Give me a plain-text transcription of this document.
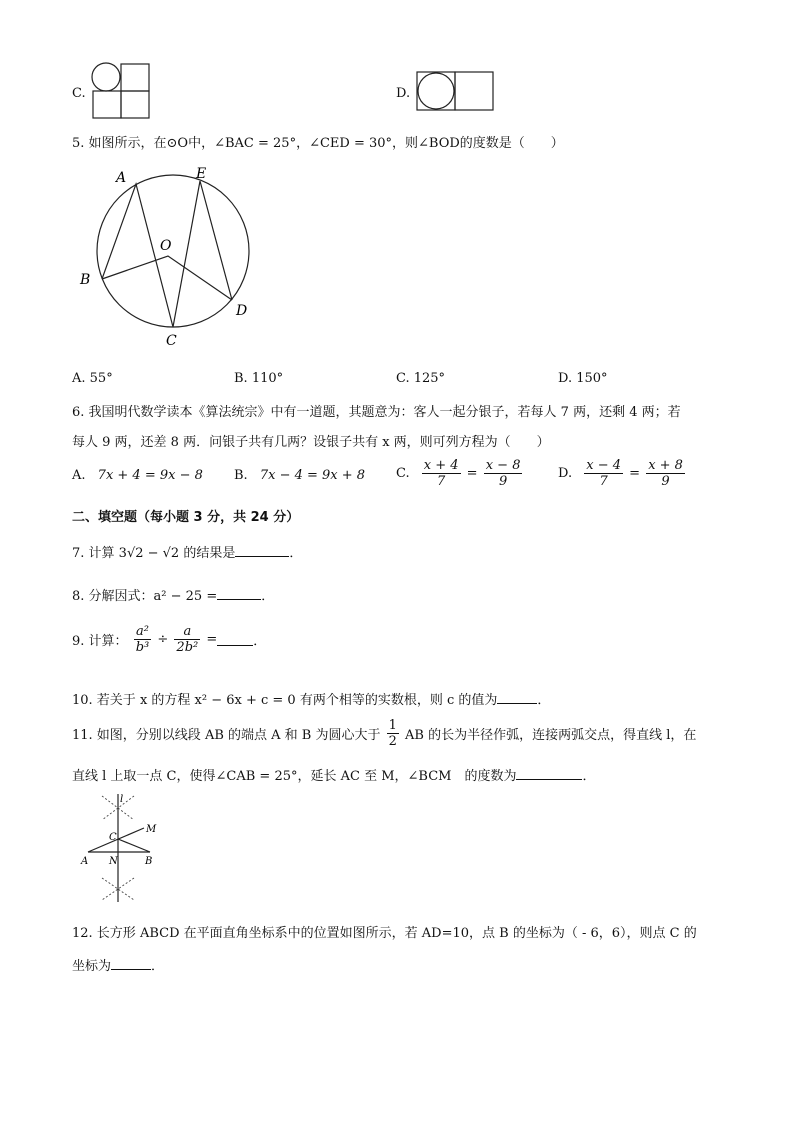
C.	D.
5. 如图所示，在⊙O中，∠BAC = 25°，∠CED = 30°，则∠BOD的度数是（　　）
A	E
O
B
D
C
A. 55°	B. 110°	C. 125°	D. 150°
6. 我国明代数学读本《算法统宗》中有一道题，其题意为：客人一起分银子，若每人 7 两，还剩 4 两；若
每人 9 两，还差 8 两．问银子共有几两？设银子共有 x 两，则可列方程为（　　）
A. 7x + 4 = 9x − 8 B. 7x − 4 = 9x + 8 C. $\frac{x + 4}{7} = \frac{x - 8}{9}$	D. $\frac{x - 4}{7} = \frac{x + 8}{9}$
二、填空题（每小题 3 分，共 24 分）
7. 计算 3√2 − √2 的结果是	．
8. 分解因式：a² − 25 =	．
9. 计算： $\frac{\text{a²}}{\text{b³}} \div \frac{a}{\text{2b²}}$ =	．
10. 若关于 x 的方程 x² − 6x + c = 0 有两个相等的实数根，则 c 的值为	．
11. 如图，分别以线段 AB 的端点 A 和 B 为圆心大于 $\frac{1}{2}$ AB 的长为半径作弧，连接两弧交点，得直线 l，在
直线 l 上取一点 C，使得∠CAB = 25°，延长 AC 至 M，∠BCM　的度数为	．
l
C
M
A N	B
12. 长方形 ABCD 在平面直角坐标系中的位置如图所示，若 AD=10，点 B 的坐标为（ - 6，6），则点 C 的
坐标为	．
